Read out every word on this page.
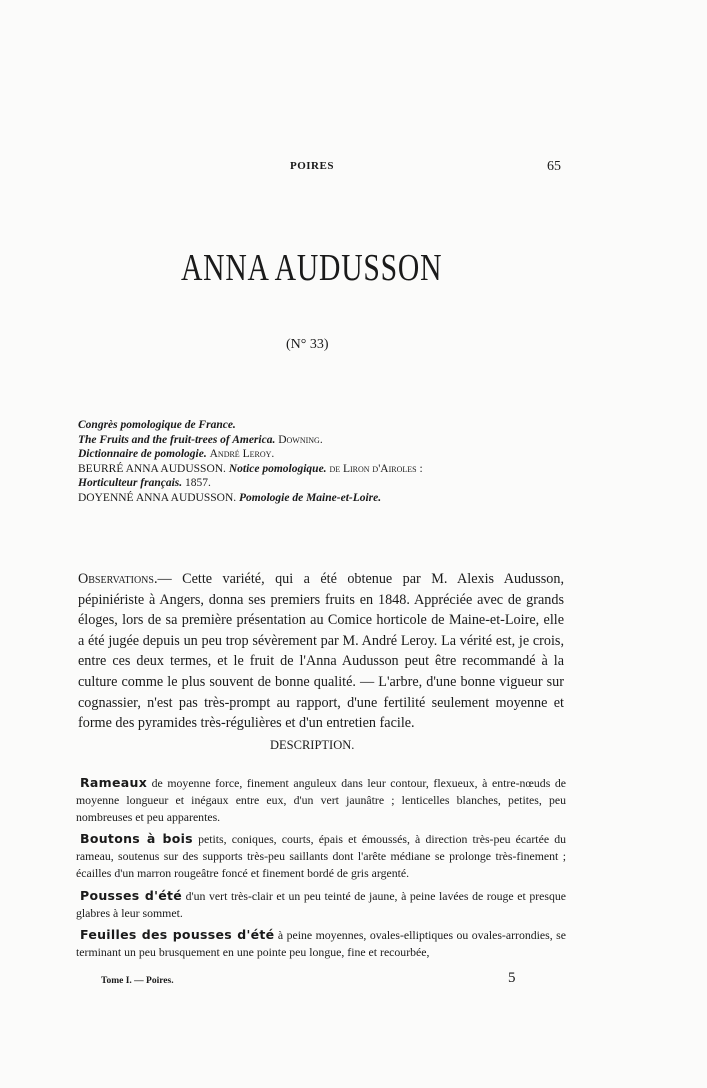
POIRES	65
ANNA AUDUSSON
(N° 33)
Congrès pomologique de France.
The Fruits and the fruit-trees of America. Downing.
Dictionnaire de pomologie. André Leroy.
BEURRÉ ANNA AUDUSSON. Notice pomologique. de Liron d'Airoles :
Horticulteur français. 1857.
DOYENNÉ ANNA AUDUSSON. Pomologie de Maine-et-Loire.
Observations.— Cette variété, qui a été obtenue par M. Alexis Audusson, pépiniériste à Angers, donna ses premiers fruits en 1848. Appréciée avec de grands éloges, lors de sa première présentation au Comice horticole de Maine-et-Loire, elle a été jugée depuis un peu trop sévèrement par M. André Leroy. La vérité est, je crois, entre ces deux termes, et le fruit de l'Anna Audusson peut être recommandé à la culture comme le plus souvent de bonne qualité. — L'arbre, d'une bonne vigueur sur cognassier, n'est pas très-prompt au rapport, d'une fertilité seulement moyenne et forme des pyramides très-régulières et d'un entretien facile.
DESCRIPTION.

Rameaux de moyenne force, finement anguleux dans leur contour, flexueux, à entre-nœuds de moyenne longueur et inégaux entre eux, d'un vert jaunâtre ; lenticelles blanches, petites, peu nombreuses et peu apparentes.

Boutons à bois petits, coniques, courts, épais et émoussés, à direction très-peu écartée du rameau, soutenus sur des supports très-peu saillants dont l'arête médiane se prolonge très-finement ; écailles d'un marron rougeâtre foncé et finement bordé de gris argenté.

Pousses d'été d'un vert très-clair et un peu teinté de jaune, à peine lavées de rouge et presque glabres à leur sommet.

Feuilles des pousses d'été à peine moyennes, ovales-elliptiques ou ovales-arrondies, se terminant un peu brusquement en une pointe peu longue, fine et recourbée,

Tome I. — Poires.	5
